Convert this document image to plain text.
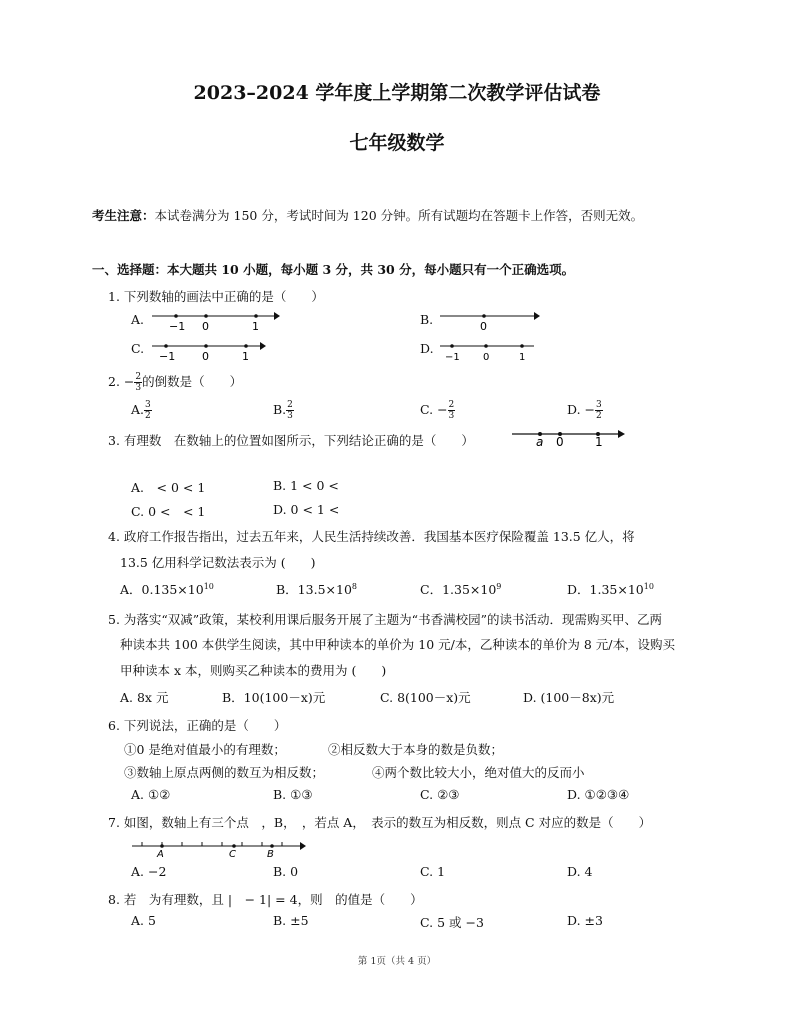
2023–2024 学年度上学期第二次教学评估试卷
七年级数学
考生注意：本试卷满分为 150 分，考试时间为 120 分钟。所有试题均在答题卡上作答，否则无效。
一、选择题：本大题共 10 小题，每小题 3 分，共 30 分，每小题只有一个正确选项。
1. 下列数轴的画法中正确的是（　　）
A.	B.
C.	D.
−1 0	1	0
−1 0	1	−1 0	1
2. − $\frac{2}{3}$ 的倒数是（　　）
A. $\frac{3}{2}$	B. $\frac{2}{3}$	C. − $\frac{2}{3}$	D. − $\frac{3}{2}$
3. 有理数　在数轴上的位置如图所示，下列结论正确的是（　　）	a 0	1
A.　< 0 < 1	B. 1 < 0 <
C. 0 <　< 1	D. 0 < 1 <
4. 政府工作报告指出，过去五年来，人民生活持续改善．我国基本医疗保险覆盖 13.5 亿人，将
13.5 亿用科学记数法表示为 (　　)
A．$0.135\times 10^{10}$	B．$13.5\times 10^8$	C．$1.35\times 10^9$	D．$1.35\times 10^{10}$
5. 为落实“双减”政策，某校利用课后服务开展了主题为“书香满校园”的读书活动．现需购买甲、乙两
种读本共 100 本供学生阅读，其中甲种读本的单价为 10 元/本，乙种读本的单价为 8 元/本，设购买
甲种读本 x 本，则购买乙种读本的费用为 (　　)
A. 8x 元	B．10(100－x)元	C. 8(100－x)元	D. (100－8x)元
6. 下列说法，正确的是（　　）
①0 是绝对值最小的有理数；	②相反数大于本身的数是负数；
③数轴上原点两侧的数互为相反数；	④两个数比较大小，绝对值大的反而小
A. ①②	B. ①③	C. ②③	D. ①②③④
7. 如图，数轴上有三个点　，B，　，若点 A，　表示的数互为相反数，则点 C 对应的数是（　　）
A	C	B
A. −2	B. 0	C. 1	D. 4
8. 若　为有理数，且 |　− 1| = 4，则　的值是（　　）
A. 5	B. ±5	C. 5 或 −3	D. ±3
第 1页（共 4 页）
